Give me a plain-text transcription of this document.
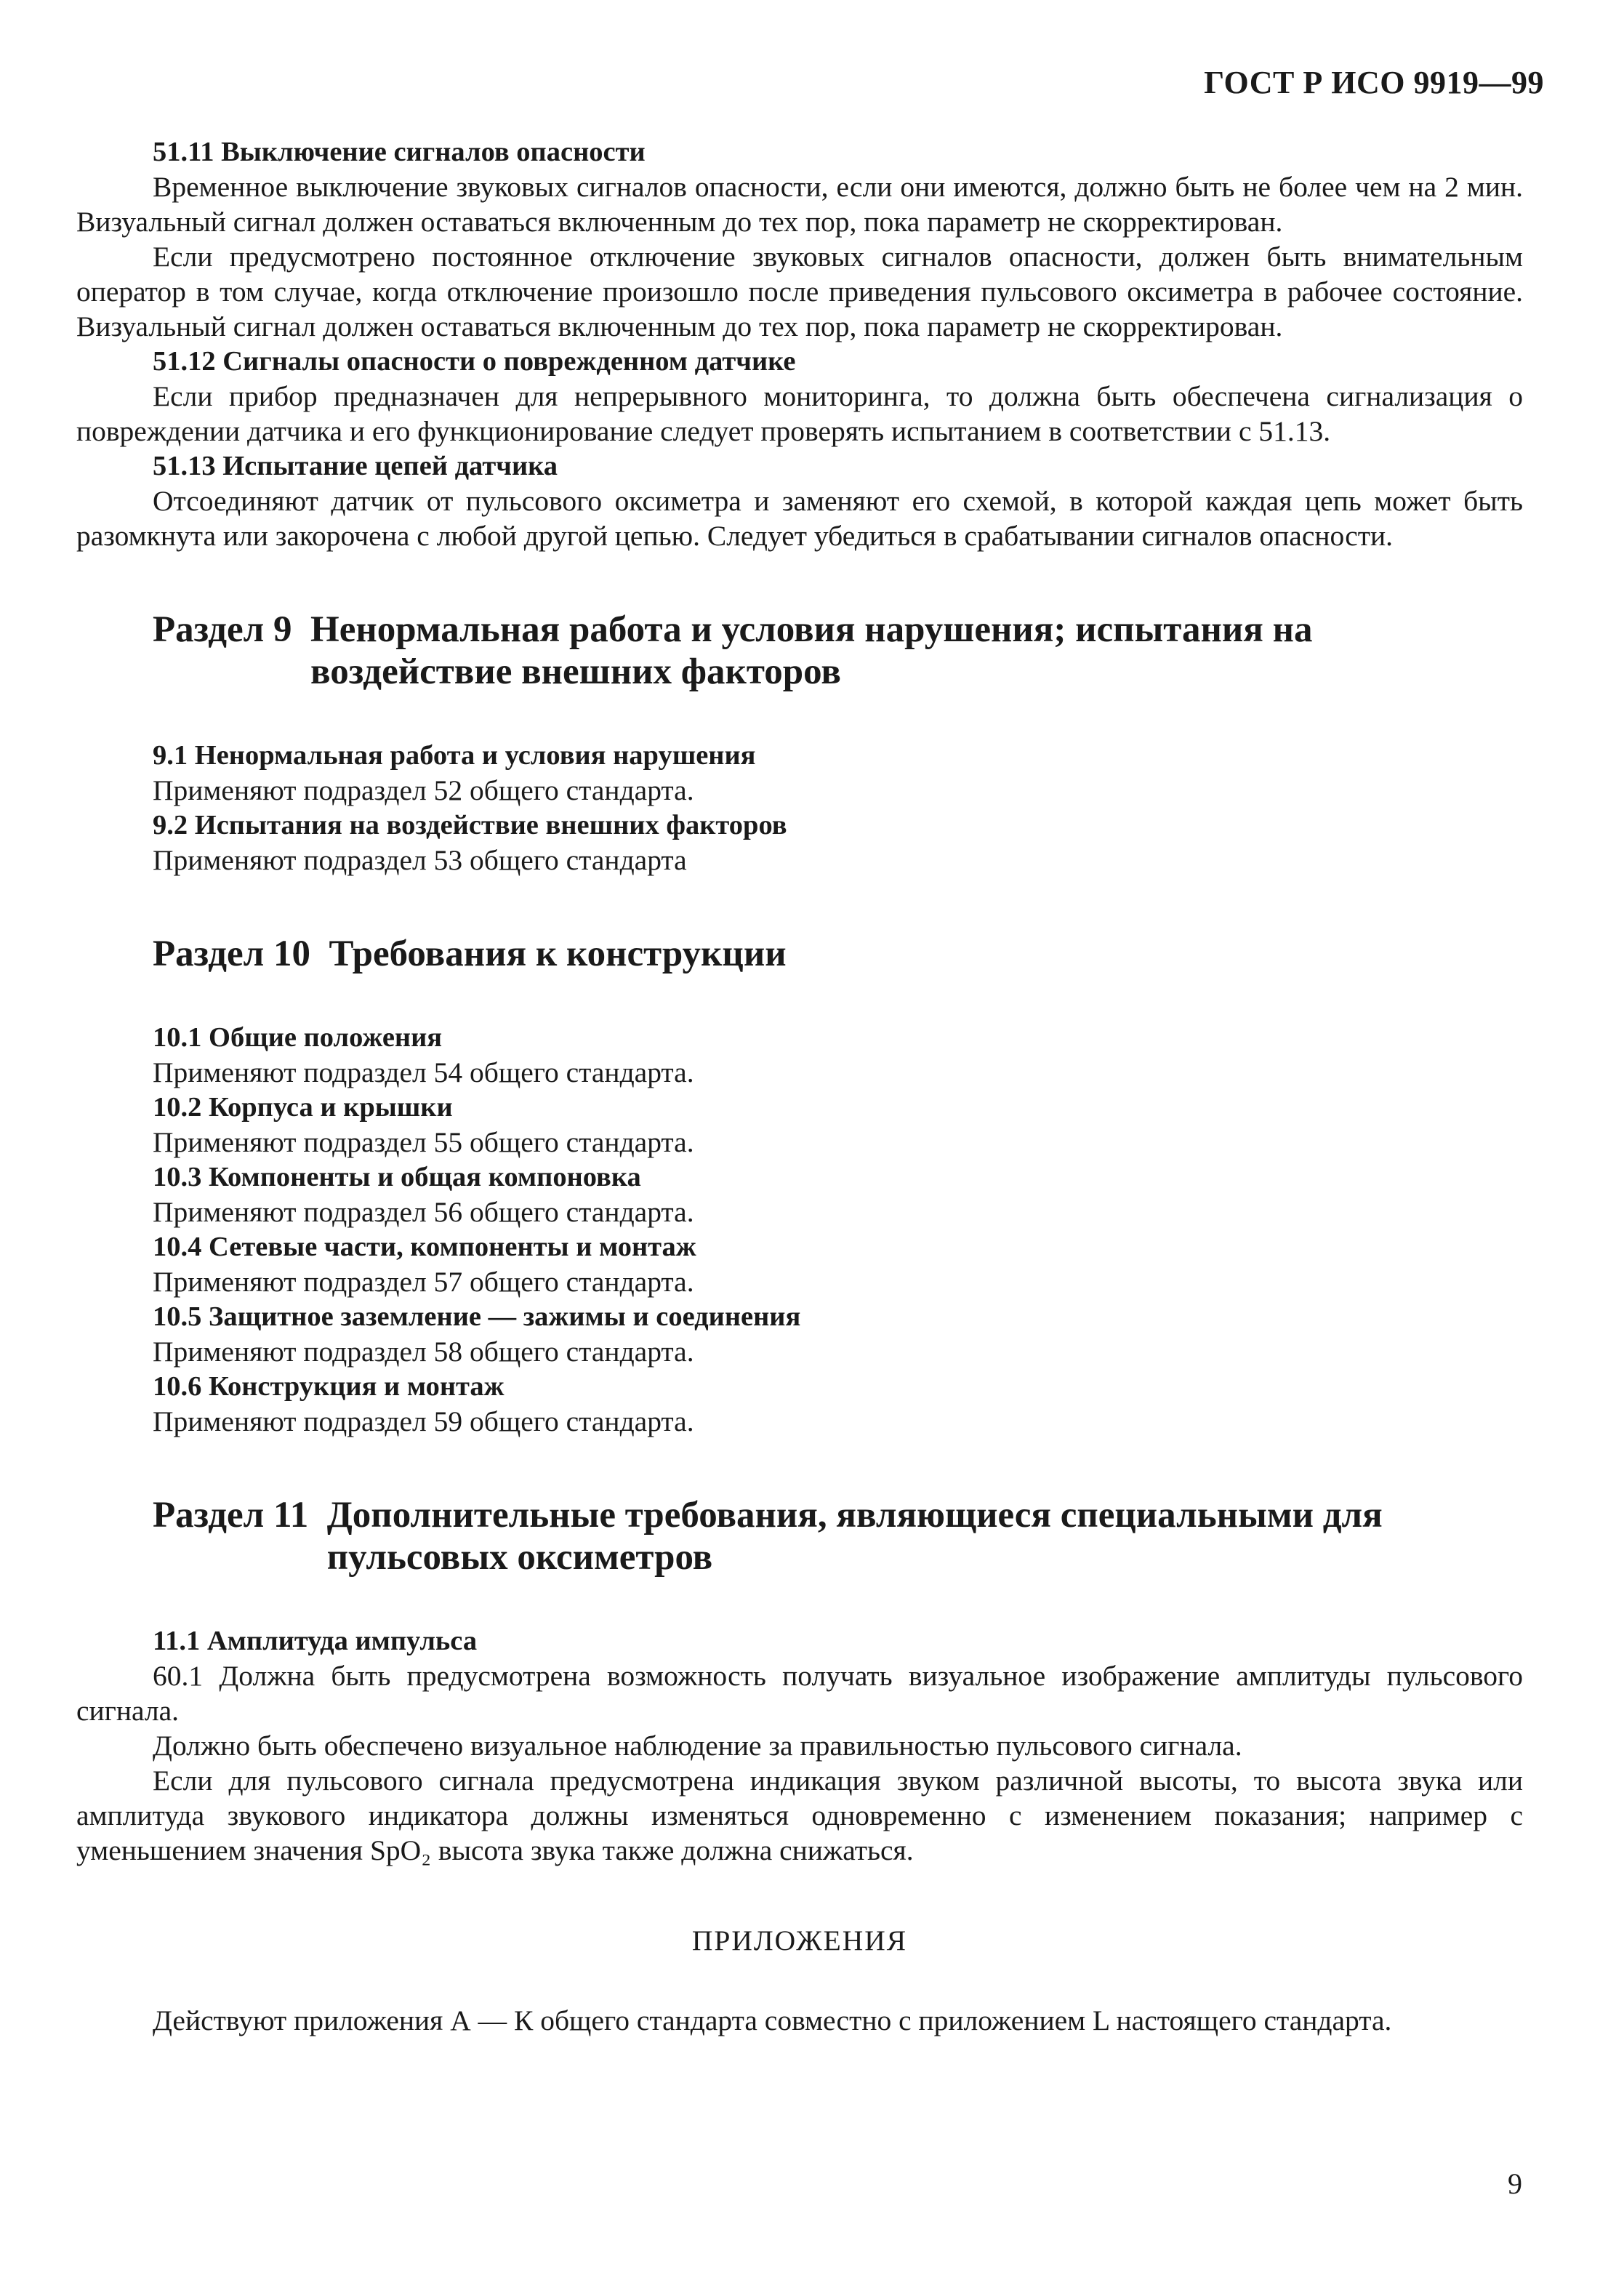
ГОСТ Р ИСО 9919—99

51.11 Выключение сигналов опасности

Временное выключение звуковых сигналов опасности, если они имеются, должно быть не более чем на 2 мин. Визуальный сигнал должен оставаться включенным до тех пор, пока параметр не скорректирован.

Если предусмотрено постоянное отключение звуковых сигналов опасности, должен быть внимательным оператор в том случае, когда отключение произошло после приведения пульсового оксиметра в рабочее состояние. Визуальный сигнал должен оставаться включенным до тех пор, пока параметр не скорректирован.

51.12 Сигналы опасности о поврежденном датчике

Если прибор предназначен для непрерывного мониторинга, то должна быть обеспечена сигнализация о повреждении датчика и его функционирование следует проверять испытанием в соответствии с 51.13.

51.13 Испытание цепей датчика

Отсоединяют датчик от пульсового оксиметра и заменяют его схемой, в которой каждая цепь может быть разомкнута или закорочена с любой другой цепью. Следует убедиться в срабатывании сигналов опасности.

Раздел 9 Ненормальная работа и условия нарушения; испытания на воздействие внешних факторов

9.1 Ненормальная работа и условия нарушения

Применяют подраздел 52 общего стандарта.

9.2 Испытания на воздействие внешних факторов

Применяют подраздел 53 общего стандарта

Раздел 10 Требования к конструкции

10.1 Общие положения

Применяют подраздел 54 общего стандарта.

10.2 Корпуса и крышки

Применяют подраздел 55 общего стандарта.

10.3 Компоненты и общая компоновка

Применяют подраздел 56 общего стандарта.

10.4 Сетевые части, компоненты и монтаж

Применяют подраздел 57 общего стандарта.

10.5 Защитное заземление — зажимы и соединения

Применяют подраздел 58 общего стандарта.

10.6 Конструкция и монтаж

Применяют подраздел 59 общего стандарта.

Раздел 11 Дополнительные требования, являющиеся специальными для пульсовых оксиметров

11.1 Амплитуда импульса

60.1 Должна быть предусмотрена возможность получать визуальное изображение амплитуды пульсового сигнала.

Должно быть обеспечено визуальное наблюдение за правильностью пульсового сигнала.

Если для пульсового сигнала предусмотрена индикация звуком различной высоты, то высота звука или амплитуда звукового индикатора должны изменяться одновременно с изменением показания; например с уменьшением значения SpO₂ высота звука также должна снижаться.

ПРИЛОЖЕНИЯ

Действуют приложения А — К общего стандарта совместно с приложением L настоящего стандарта.

9
